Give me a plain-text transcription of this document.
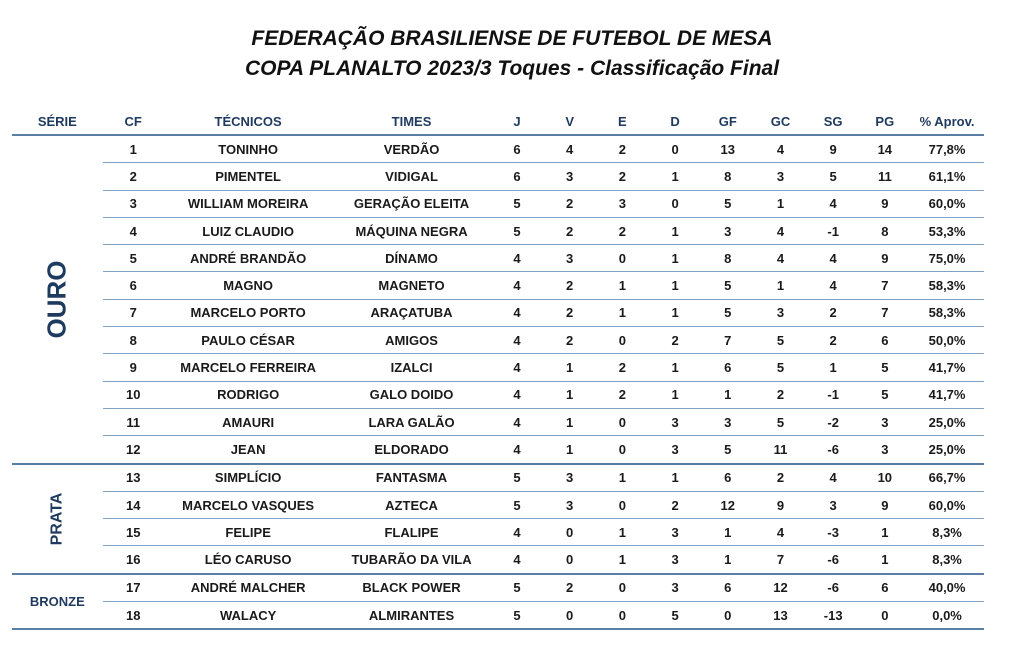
FEDERAÇÃO BRASILIENSE DE FUTEBOL DE MESA
COPA PLANALTO 2023/3 Toques - Classificação Final
SÉRIE	CF	TÉCNICOS	TIMES	J	V	E	D	GF	GC	SG	PG	% Aprov.
OURO	1	TONINHO	VERDÃO	6	4	2	0	13	4	9	14	77,8%
	2	PIMENTEL	VIDIGAL	6	3	2	1	8	3	5	11	61,1%
	3	WILLIAM MOREIRA	GERAÇÃO ELEITA	5	2	3	0	5	1	4	9	60,0%
	4	LUIZ CLAUDIO	MÁQUINA NEGRA	5	2	2	1	3	4	-1	8	53,3%
	5	ANDRÉ BRANDÃO	DÍNAMO	4	3	0	1	8	4	4	9	75,0%
	6	MAGNO	MAGNETO	4	2	1	1	5	1	4	7	58,3%
	7	MARCELO PORTO	ARAÇATUBA	4	2	1	1	5	3	2	7	58,3%
	8	PAULO CÉSAR	AMIGOS	4	2	0	2	7	5	2	6	50,0%
	9	MARCELO FERREIRA	IZALCI	4	1	2	1	6	5	1	5	41,7%
	10	RODRIGO	GALO DOIDO	4	1	2	1	1	2	-1	5	41,7%
	11	AMAURI	LARA GALÃO	4	1	0	3	3	5	-2	3	25,0%
	12	JEAN	ELDORADO	4	1	0	3	5	11	-6	3	25,0%
PRATA	13	SIMPLÍCIO	FANTASMA	5	3	1	1	6	2	4	10	66,7%
	14	MARCELO VASQUES	AZTECA	5	3	0	2	12	9	3	9	60,0%
	15	FELIPE	FLALIPE	4	0	1	3	1	4	-3	1	8,3%
	16	LÉO CARUSO	TUBARÃO DA VILA	4	0	1	3	1	7	-6	1	8,3%
BRONZE	17	ANDRÉ MALCHER	BLACK POWER	5	2	0	3	6	12	-6	6	40,0%
	18	WALACY	ALMIRANTES	5	0	0	5	0	13	-13	0	0,0%
